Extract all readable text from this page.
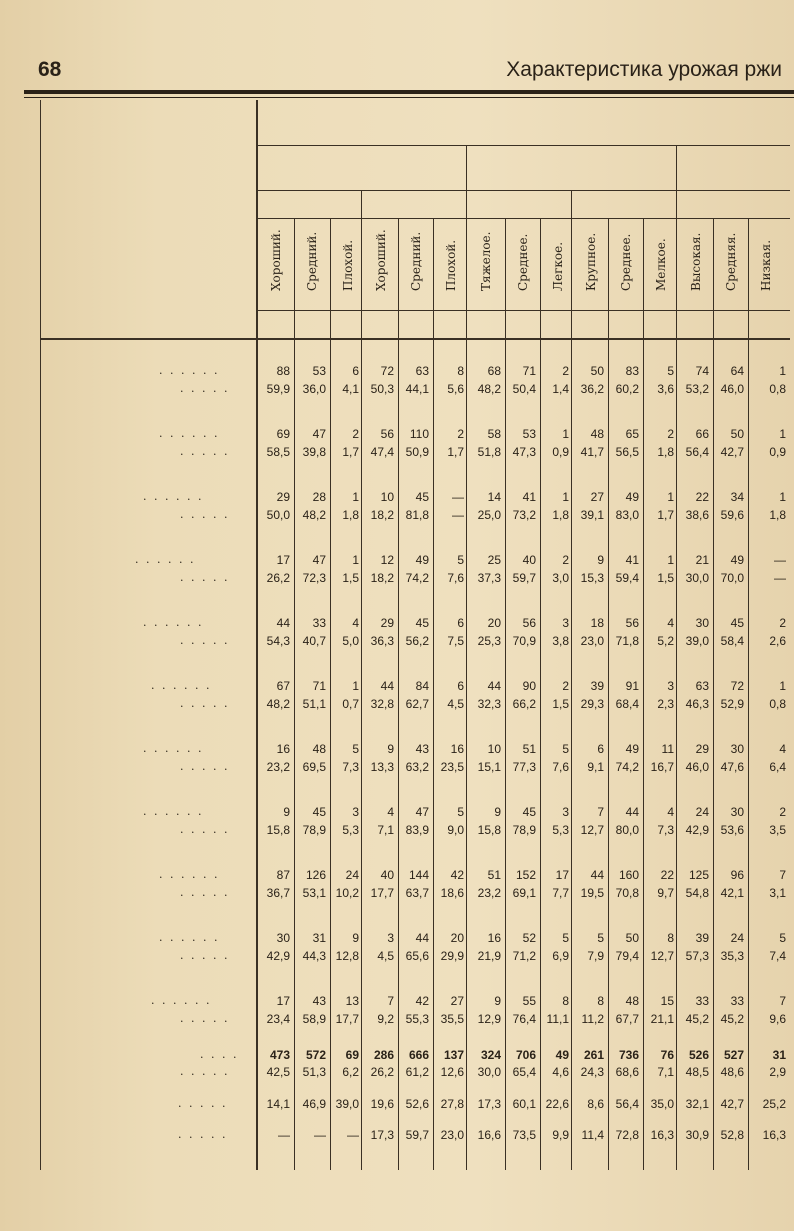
68	Характеристика урожая ржи
Хороший. Средний. Плохой. Хороший. Средний. Плохой. Тяжелое. Среднее. Легкое. Крупное. Среднее. Мелкое. Высокая. Средняя. Низкая.
. . . . . .
. . . . .
88	53	6	72	63	8	68	71	2	50	83	5	74	64	1
59,9	36,0	4,1 50,3 44,1	5,6	48,2 50,4	1,4 36,2 60,2	3,6 53,2 46,0	0,8
. . . . . .
. . . . .
69	47	2	56	110	2	58	53	1	48	65	2	66	50	1
58,5	39,8	1,7 47,4 50,9	1,7	51,8 47,3	0,9 41,7 56,5	1,8 56,4 42,7	0,9
. . . . . .
. . . . .
29	28	1	10	45	—	14	41	1	27	49	1	22	34	1
50,0	48,2	1,8 18,2 81,8	—	25,0 73,2	1,8 39,1 83,0	1,7 38,6 59,6	1,8
. . . . . .
. . . . .
17	47	1	12	49	5	25	40	2	9	41	1	21	49	—
26,2	72,3	1,5 18,2 74,2	7,6	37,3 59,7	3,0 15,3 59,4	1,5 30,0 70,0	—
. . . . . .
. . . . .
44	33	4	29	45	6	20	56	3	18	56	4	30	45	2
54,3	40,7	5,0 36,3 56,2	7,5	25,3 70,9	3,8 23,0 71,8	5,2 39,0 58,4	2,6
. . . . . .
. . . . .
67	71	1	44	84	6	44	90	2	39	91	3	63	72	1
48,2	51,1	0,7 32,8 62,7	4,5	32,3 66,2	1,5 29,3 68,4	2,3 46,3 52,9	0,8
. . . . . .
. . . . .
16	48	5	9	43	16	10	51	5	6	49	11	29	30	4
23,2	69,5	7,3 13,3 63,2 23,5	15,1 77,3	7,6	9,1 74,2 16,7 46,0 47,6	6,4
. . . . . .
. . . . .
9	45	3	4	47	5	9	45	3	7	44	4	24	30	2
15,8	78,9	5,3	7,1 83,9	9,0	15,8 78,9	5,3 12,7 80,0	7,3 42,9 53,6	3,5
. . . . . .
. . . . .
87	126	24	40	144	42	51	152	17	44	160	22	125	96	7
36,7	53,1 10,2 17,7 63,7 18,6	23,2 69,1	7,7 19,5 70,8	9,7 54,8 42,1	3,1
. . . . . .
. . . . .
30	31	9	3	44	20	16	52	5	5	50	8	39	24	5
42,9	44,3 12,8	4,5 65,6 29,9	21,9 71,2	6,9	7,9 79,4 12,7 57,3 35,3	7,4
. . . . . .
. . . . .
17	43	13	7	42	27	9	55	8	8	48	15	33	33	7
23,4	58,9 17,7	9,2 55,3 35,5	12,9 76,4 11,1	11,2 67,7 21,1 45,2 45,2	9,6
. . . .
. . . . .
473	572	69	286	666	137	324	706	49	261	736	76	526	527	31
42,5	51,3	6,2 26,2 61,2 12,6	30,0 65,4	4,6 24,3 68,6	7,1 48,5 48,6	2,9
. . . . .	14,1	46,9 39,0 19,6 52,6 27,8	17,3 60,1 22,6	8,6 56,4 35,0 32,1 42,7	25,2
. . . . .	—	—	— 17,3 59,7 23,0	16,6 73,5	9,9	11,4 72,8 16,3 30,9 52,8	16,3
